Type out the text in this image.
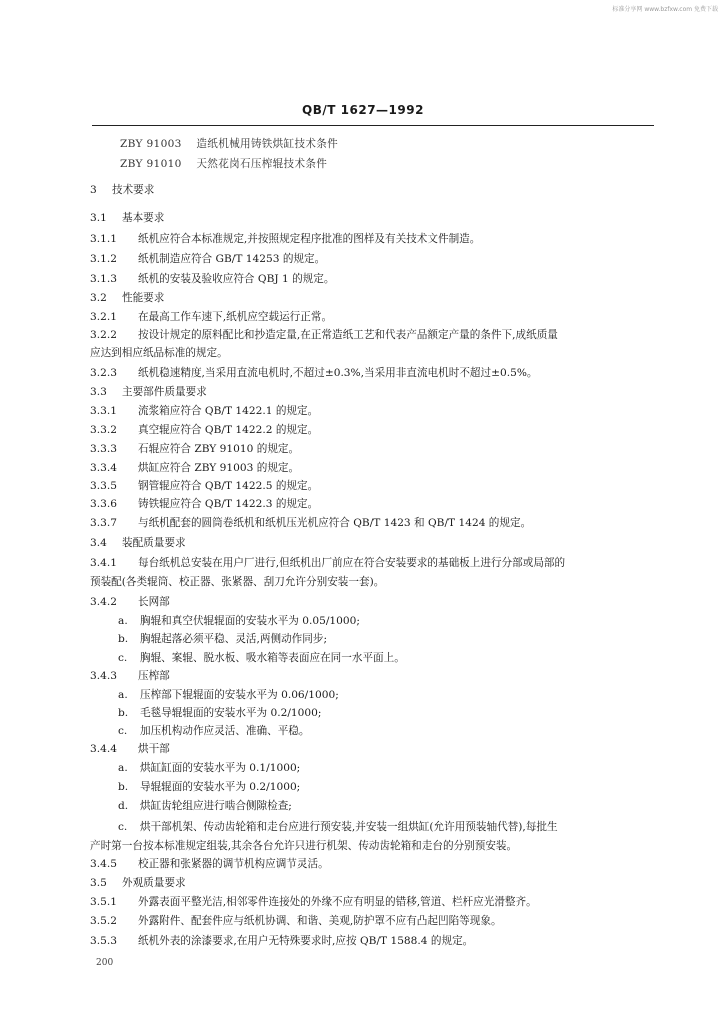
标准分享网 www.bzfxw.com 免费下载
QB/T 1627—1992
ZBY 91003 造纸机械用铸铁烘缸技术条件
ZBY 91010 天然花岗石压榨辊技术条件
3 技术要求
3.1 基本要求
3.1.1 纸机应符合本标准规定,并按照规定程序批准的图样及有关技术文件制造。
3.1.2 纸机制造应符合 GB/T 14253 的规定。
3.1.3 纸机的安装及验收应符合 QBJ 1 的规定。
3.2 性能要求
3.2.1 在最高工作车速下,纸机应空载运行正常。
3.2.2 按设计规定的原料配比和抄造定量,在正常造纸工艺和代表产品额定产量的条件下,成纸质量
应达到相应纸品标准的规定。
3.2.3 纸机稳速精度,当采用直流电机时,不超过±0.3%,当采用非直流电机时不超过±0.5%。
3.3 主要部件质量要求
3.3.1 流浆箱应符合 QB/T 1422.1 的规定。
3.3.2 真空辊应符合 QB/T 1422.2 的规定。
3.3.3 石辊应符合 ZBY 91010 的规定。
3.3.4 烘缸应符合 ZBY 91003 的规定。
3.3.5 钢管辊应符合 QB/T 1422.5 的规定。
3.3.6 铸铁辊应符合 QB/T 1422.3 的规定。
3.3.7 与纸机配套的圆筒卷纸机和纸机压光机应符合 QB/T 1423 和 QB/T 1424 的规定。
3.4 装配质量要求
3.4.1 每台纸机总安装在用户厂进行,但纸机出厂前应在符合安装要求的基础板上进行分部或局部的
预装配(各类辊筒、校正器、张紧器、刮刀允许分别安装一套)。
3.4.2 长网部
a. 胸辊和真空伏辊辊面的安装水平为 0.05/1000;
b. 胸辊起落必须平稳、灵活,两侧动作同步;
c. 胸辊、案辊、脱水板、吸水箱等表面应在同一水平面上。
3.4.3 压榨部
a. 压榨部下辊辊面的安装水平为 0.06/1000;
b. 毛毯导辊辊面的安装水平为 0.2/1000;
c. 加压机构动作应灵活、准确、平稳。
3.4.4 烘干部
a. 烘缸缸面的安装水平为 0.1/1000;
b. 导辊辊面的安装水平为 0.2/1000;
d. 烘缸齿轮组应进行啮合侧隙检查;
c. 烘干部机架、传动齿轮箱和走台应进行预安装,并安装一组烘缸(允许用预装轴代替),每批生
产时第一台按本标准规定组装,其余各台允许只进行机架、传动齿轮箱和走台的分别预安装。
3.4.5 校正器和张紧器的调节机构应调节灵活。
3.5 外观质量要求
3.5.1 外露表面平整光洁,相邻零件连接处的外缘不应有明显的错移,管道、栏杆应光滑整齐。
3.5.2 外露附件、配套件应与纸机协调、和谐、美观,防护罩不应有凸起凹陷等现象。
3.5.3 纸机外表的涂漆要求,在用户无特殊要求时,应按 QB/T 1588.4 的规定。
200
